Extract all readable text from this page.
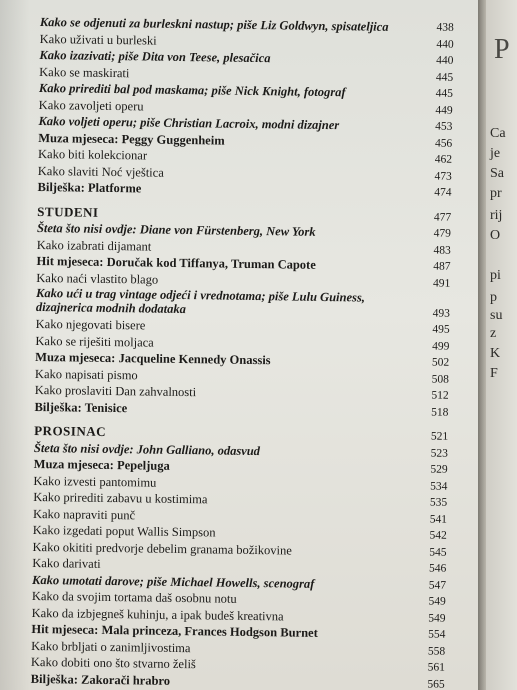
Kako se odjenuti za burleskni nastup; piše Liz Goldwyn, spisateljica	438
Kako uživati u burleski	440
Kako izazivati; piše Dita von Teese, plesačica	440
Kako se maskirati	445
Kako prirediti bal pod maskama; piše Nick Knight, fotograf	445
Kako zavoljeti operu	449
Kako voljeti operu; piše Christian Lacroix, modni dizajner	453
Muza mjeseca: Peggy Guggenheim	456
Kako biti kolekcionar	462
Kako slaviti Noć vještica	473
Bilješka: Platforme	474
STUDENI	477
Šteta što nisi ovdje: Diane von Fürstenberg, New York	479
Kako izabrati dijamant	483
Hit mjeseca: Doručak kod Tiffanya, Truman Capote	487
Kako naći vlastito blago	491
Kako ući u trag vintage odjeći i vrednotama; piše Lulu Guiness, dizajnerica modnih dodataka	493
Kako njegovati bisere	495
Kako se riješiti moljaca	499
Muza mjeseca: Jacqueline Kennedy Onassis	502
Kako napisati pismo	508
Kako proslaviti Dan zahvalnosti	512
Bilješka: Tenisice	518
PROSINAC	521
Šteta što nisi ovdje: John Galliano, odasvud	523
Muza mjeseca: Pepeljuga	529
Kako izvesti pantomimu	534
Kako prirediti zabavu u kostimima	535
Kako napraviti punč	541
Kako izgedati poput Wallis Simpson	542
Kako okititi predvorje debelim granama božikovine	545
Kako darivati	546
Kako umotati darove; piše Michael Howells, scenograf	547
Kako da svojim tortama daš osobnu notu	549
Kako da izbjegneš kuhinju, a ipak budeš kreativna	549
Hit mjeseca: Mala princeza, Frances Hodgson Burnet	554
Kako brbljati o zanimljivostima	558
Kako dobiti ono što stvarno želiš	561
Bilješka: Zakorači hrabro	565
P
Ca
je
Sa
pr
rij
O
pi
p
su
z
K
F
